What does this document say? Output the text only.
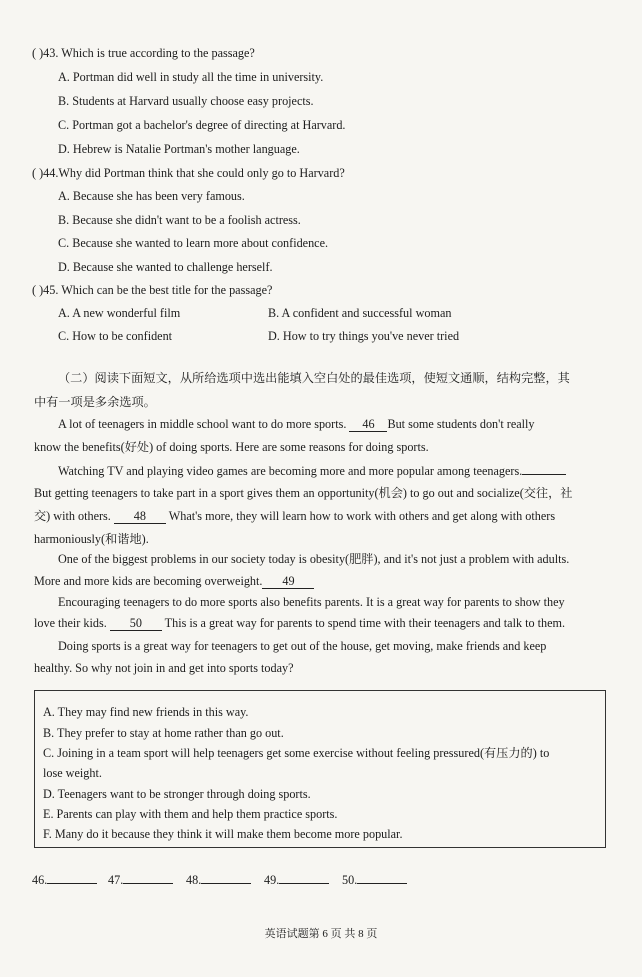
( )43. Which is true according to the passage?
A. Portman did well in study all the time in university.
B. Students at Harvard usually choose easy projects.
C. Portman got a bachelor's degree of directing at Harvard.
D. Hebrew is Natalie Portman's mother language.
( )44.Why did Portman think that she could only go to Harvard?
A. Because she has been very famous.
B. Because she didn't want to be a foolish actress.
C. Because she wanted to learn more about confidence.
D. Because she wanted to challenge herself.
( )45. Which can be the best title for the passage?
A. A new wonderful film	B. A confident and successful woman
C. How to be confident	D. How to try things you've never tried
（二）阅读下面短文，从所给选项中选出能填入空白处的最佳选项，使短文通顺，结构完整，其
中有一项是多余选项。
A lot of teenagers in middle school want to do more sports. 46 But some students don't really
know the benefits(好处) of doing sports. Here are some reasons for doing sports.
Watching TV and playing video games are becoming more and more popular among teenagers.
But getting teenagers to take part in a sport gives them an opportunity(机会) to go out and socialize(交往，社
交) with others. 48 What's more, they will learn how to work with others and get along with others
harmoniously(和谐地).
One of the biggest problems in our society today is obesity(肥胖), and it's not just a problem with adults.
More and more kids are becoming overweight. 49
Encouraging teenagers to do more sports also benefits parents. It is a great way for parents to show they
love their kids. 50 This is a great way for parents to spend time with their teenagers and talk to them.
Doing sports is a great way for teenagers to get out of the house, get moving, make friends and keep
healthy. So why not join in and get into sports today?
A. They may find new friends in this way.
B. They prefer to stay at home rather than go out.
C. Joining in a team sport will help teenagers get some exercise without feeling pressured(有压力的) to
lose weight.
D. Teenagers want to be stronger through doing sports.
E. Parents can play with them and help them practice sports.
F. Many do it because they think it will make them become more popular.
46.	47.	48.	49.	50.
英语试题第 6 页 共 8 页
